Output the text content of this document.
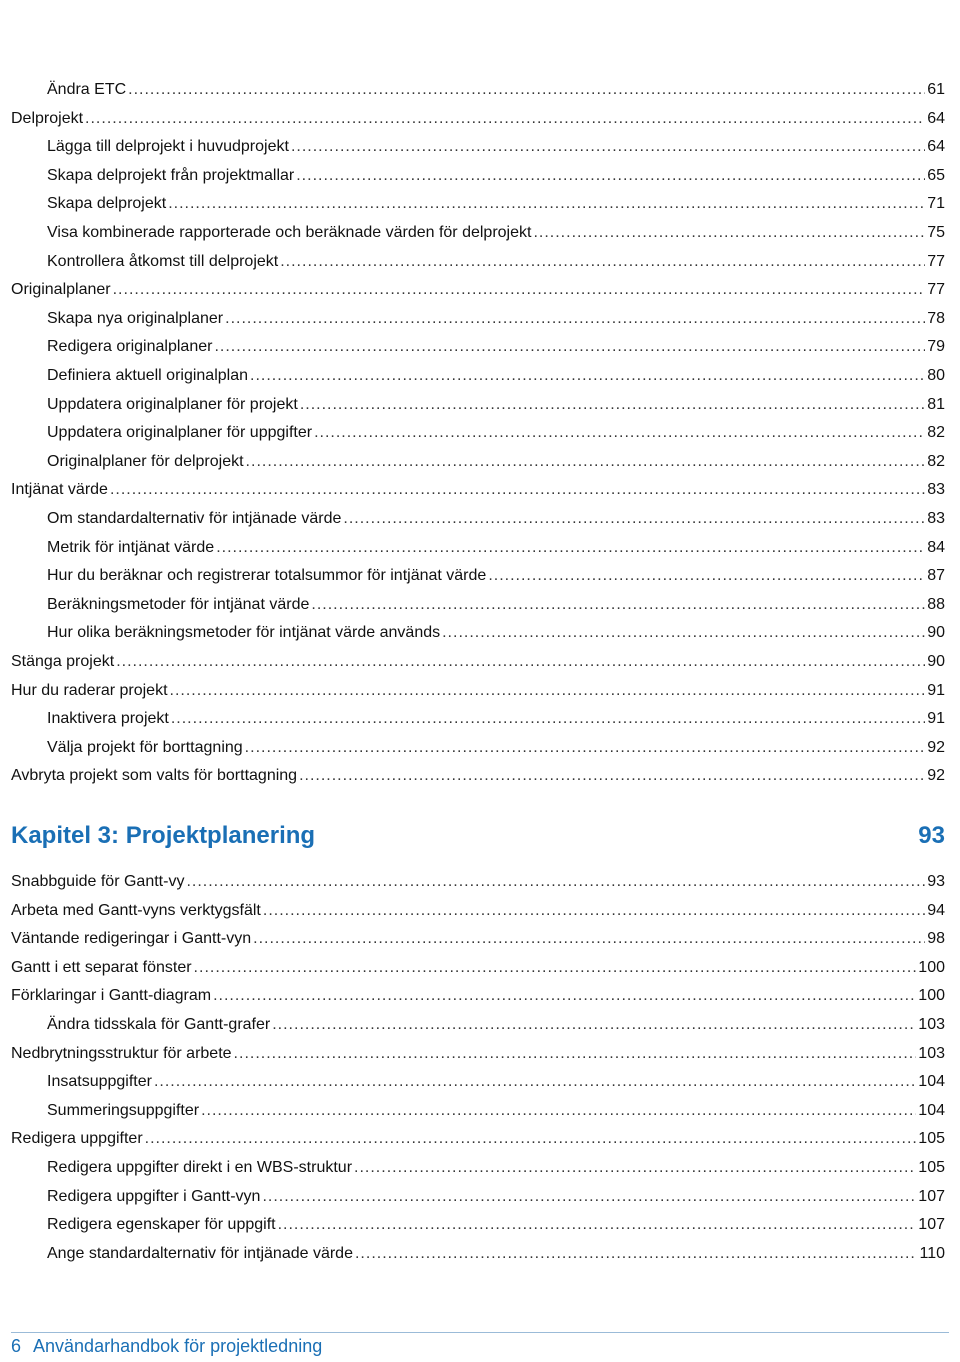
Ändra ETC .....	61
Delprojekt .....	64
Lägga till delprojekt i huvudprojekt .....	64
Skapa delprojekt från projektmallar .....	65
Skapa delprojekt .....	71
Visa kombinerade rapporterade och beräknade värden för delprojekt .....	75
Kontrollera åtkomst till delprojekt .....	77
Originalplaner .....	77
Skapa nya originalplaner .....	78
Redigera originalplaner .....	79
Definiera aktuell originalplan .....	80
Uppdatera originalplaner för projekt .....	81
Uppdatera originalplaner för uppgifter .....	82
Originalplaner för delprojekt .....	82
Intjänat värde .....	83
Om standardalternativ för intjänade värde .....	83
Metrik för intjänat värde .....	84
Hur du beräknar och registrerar totalsummor för intjänat värde .....	87
Beräkningsmetoder för intjänat värde .....	88
Hur olika beräkningsmetoder för intjänat värde används .....	90
Stänga projekt .....	90
Hur du raderar projekt .....	91
Inaktivera projekt .....	91
Välja projekt för borttagning .....	92
Avbryta projekt som valts för borttagning .....	92
Kapitel 3: Projektplanering	93
Snabbguide för Gantt-vy .....	93
Arbeta med Gantt-vyns verktygsfält .....	94
Väntande redigeringar i Gantt-vyn .....	98
Gantt i ett separat fönster .....	100
Förklaringar i Gantt-diagram .....	100
Ändra tidsskala för Gantt-grafer .....	103
Nedbrytningsstruktur för arbete .....	103
Insatsuppgifter .....	104
Summeringsuppgifter .....	104
Redigera uppgifter .....	105
Redigera uppgifter direkt i en WBS-struktur .....	105
Redigera uppgifter i Gantt-vyn .....	107
Redigera egenskaper för uppgift .....	107
Ange standardalternativ för intjänade värde .....	110
6 Användarhandbok för projektledning
